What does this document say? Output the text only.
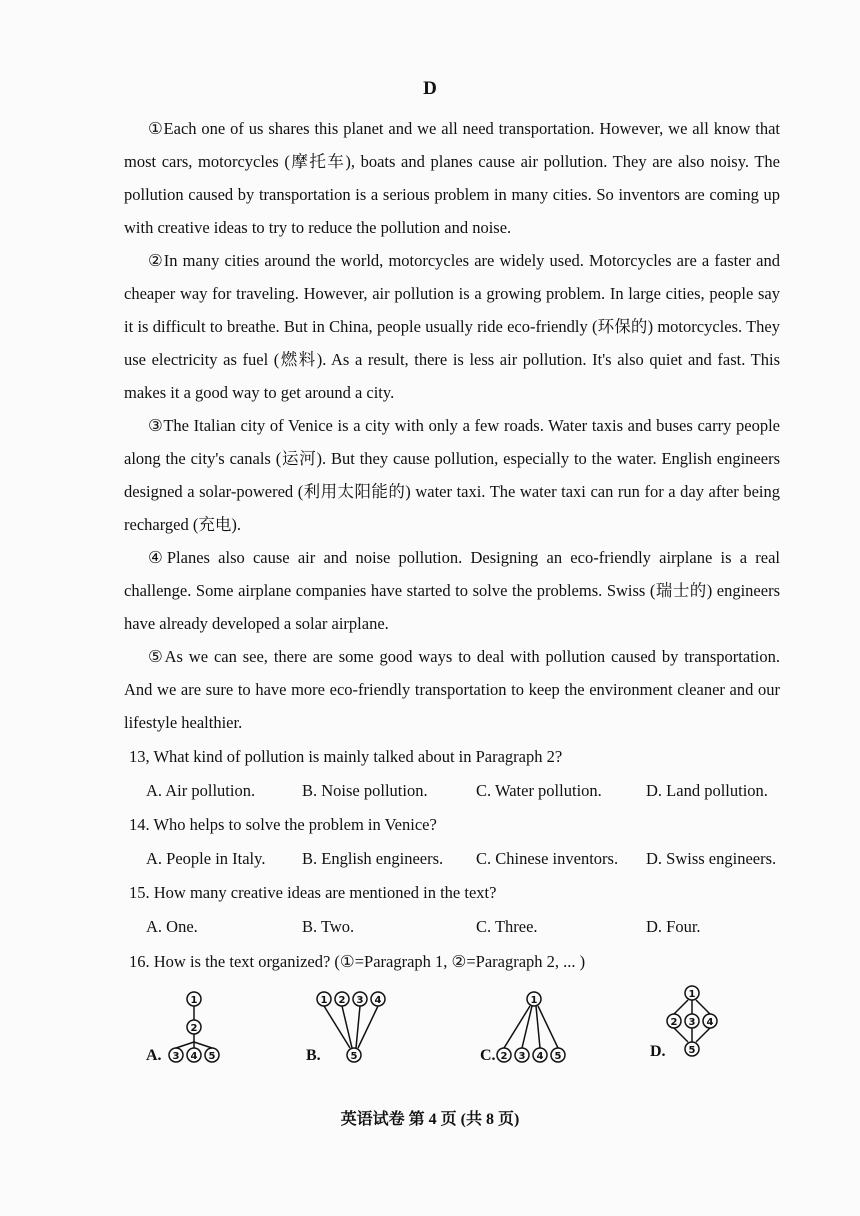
D

①Each one of us shares this planet and we all need transportation. However, we all know that most cars, motorcycles (摩托车), boats and planes cause air pollution. They are also noisy. The pollution caused by transportation is a serious problem in many cities. So inventors are coming up with creative ideas to try to reduce the pollution and noise.

②In many cities around the world, motorcycles are widely used. Motorcycles are a faster and cheaper way for traveling. However, air pollution is a growing problem. In large cities, people say it is difficult to breathe. But in China, people usually ride eco-friendly (环保的) motorcycles. They use electricity as fuel (燃料). As a result, there is less air pollution. It's also quiet and fast. This makes it a good way to get around a city.

③The Italian city of Venice is a city with only a few roads. Water taxis and buses carry people along the city's canals (运河). But they cause pollution, especially to the water. English engineers designed a solar-powered (利用太阳能的) water taxi. The water taxi can run for a day after being recharged (充电).

④Planes also cause air and noise pollution. Designing an eco-friendly airplane is a real challenge. Some airplane companies have started to solve the problems. Swiss (瑞士的) engineers have already developed a solar airplane.

⑤As we can see, there are some good ways to deal with pollution caused by transportation. And we are sure to have more eco-friendly transportation to keep the environment cleaner and our lifestyle healthier.

13, What kind of pollution is mainly talked about in Paragraph 2?
A. Air pollution.	B. Noise pollution.	C. Water pollution.	D. Land pollution.
14. Who helps to solve the problem in Venice?
A. People in Italy. B. English engineers. C. Chinese inventors. D. Swiss engineers.
15. How many creative ideas are mentioned in the text?
A. One.	B. Two.	C. Three.	D. Four.
16. How is the text organized? (①=Paragraph 1, ②=Paragraph 2, ... )
A.
1
2
3 4 5	B.
1 2 3 4
5	C.
1
2 3 4 5	D.
1
2 3 4
5
英语试卷 第 4 页 (共 8 页)
